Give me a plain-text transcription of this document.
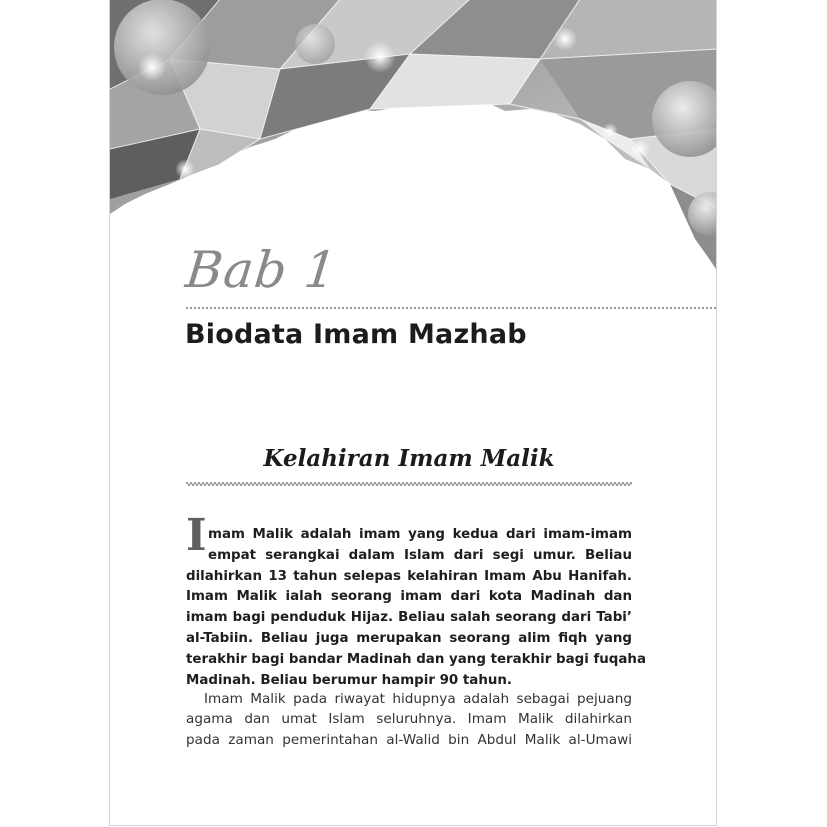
Bab 1
Biodata Imam Mazhab
Kelahiran Imam Malik
I mam Malik adalah imam yang kedua dari imam-imam
empat serangkai dalam Islam dari segi umur. Beliau
dilahirkan 13 tahun selepas kelahiran Imam Abu Hanifah.
Imam Malik ialah seorang imam dari kota Madinah dan
imam bagi penduduk Hijaz. Beliau salah seorang dari Tabi’
al-Tabiin. Beliau juga merupakan seorang alim fiqh yang
terakhir bagi bandar Madinah dan yang terakhir bagi fuqaha
Madinah. Beliau berumur hampir 90 tahun.
Imam Malik pada riwayat hidupnya adalah sebagai pejuang
agama dan umat Islam seluruhnya. Imam Malik dilahirkan
pada zaman pemerintahan al-Walid bin Abdul Malik al-Umawi
